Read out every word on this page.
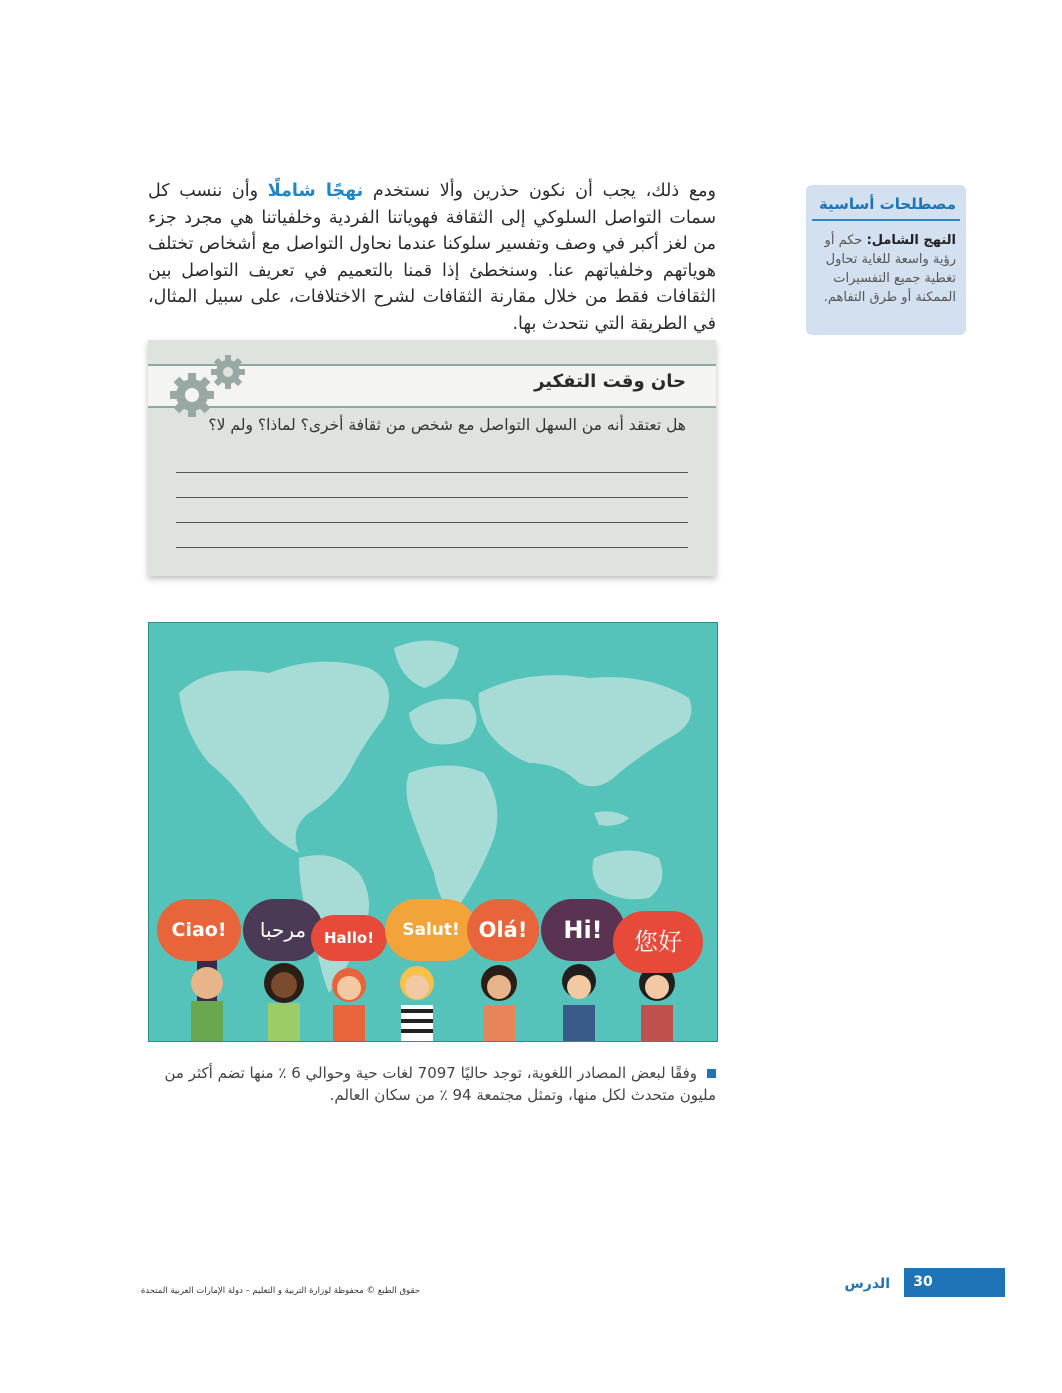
ومع ذلك، يجب أن نكون حذرين وألا نستخدم نهجًا شاملًا وأن ننسب كل سمات التواصل السلوكي إلى الثقافة فهوياتنا الفردية وخلفياتنا هي مجرد جزء من لغز أكبر في وصف وتفسير سلوكنا عندما نحاول التواصل مع أشخاص تختلف هوياتهم وخلفياتهم عنا. وسنخطئ إذا قمنا بالتعميم في تعريف التواصل بين الثقافات فقط من خلال مقارنة الثقافات لشرح الاختلافات، على سبيل المثال، في الطريقة التي نتحدث بها.
مصطلحات أساسية
النهج الشامل: حكم أو رؤية واسعة للغاية تحاول تغطية جميع التفسيرات الممكنة أو طرق التفاهم.
حان وقت التفكير
هل تعتقد أنه من السهل التواصل مع شخص من ثقافة أخرى؟ لماذا؟ ولم لا؟
Ciao!	مرحبا	Hallo!	Salut! Olá!	Hi!	您好
وفقًا لبعض المصادر اللغوية، توجد حاليًا 7097 لغات حية وحوالي 6 ٪ منها تضم أكثر من مليون متحدث لكل منها، وتمثل مجتمعة 94 ٪ من سكان العالم.
30
الدرس
حقوق الطبع © محفوظة لوزارة التربية و التعليم – دولة الإمارات العربية المتحدة
